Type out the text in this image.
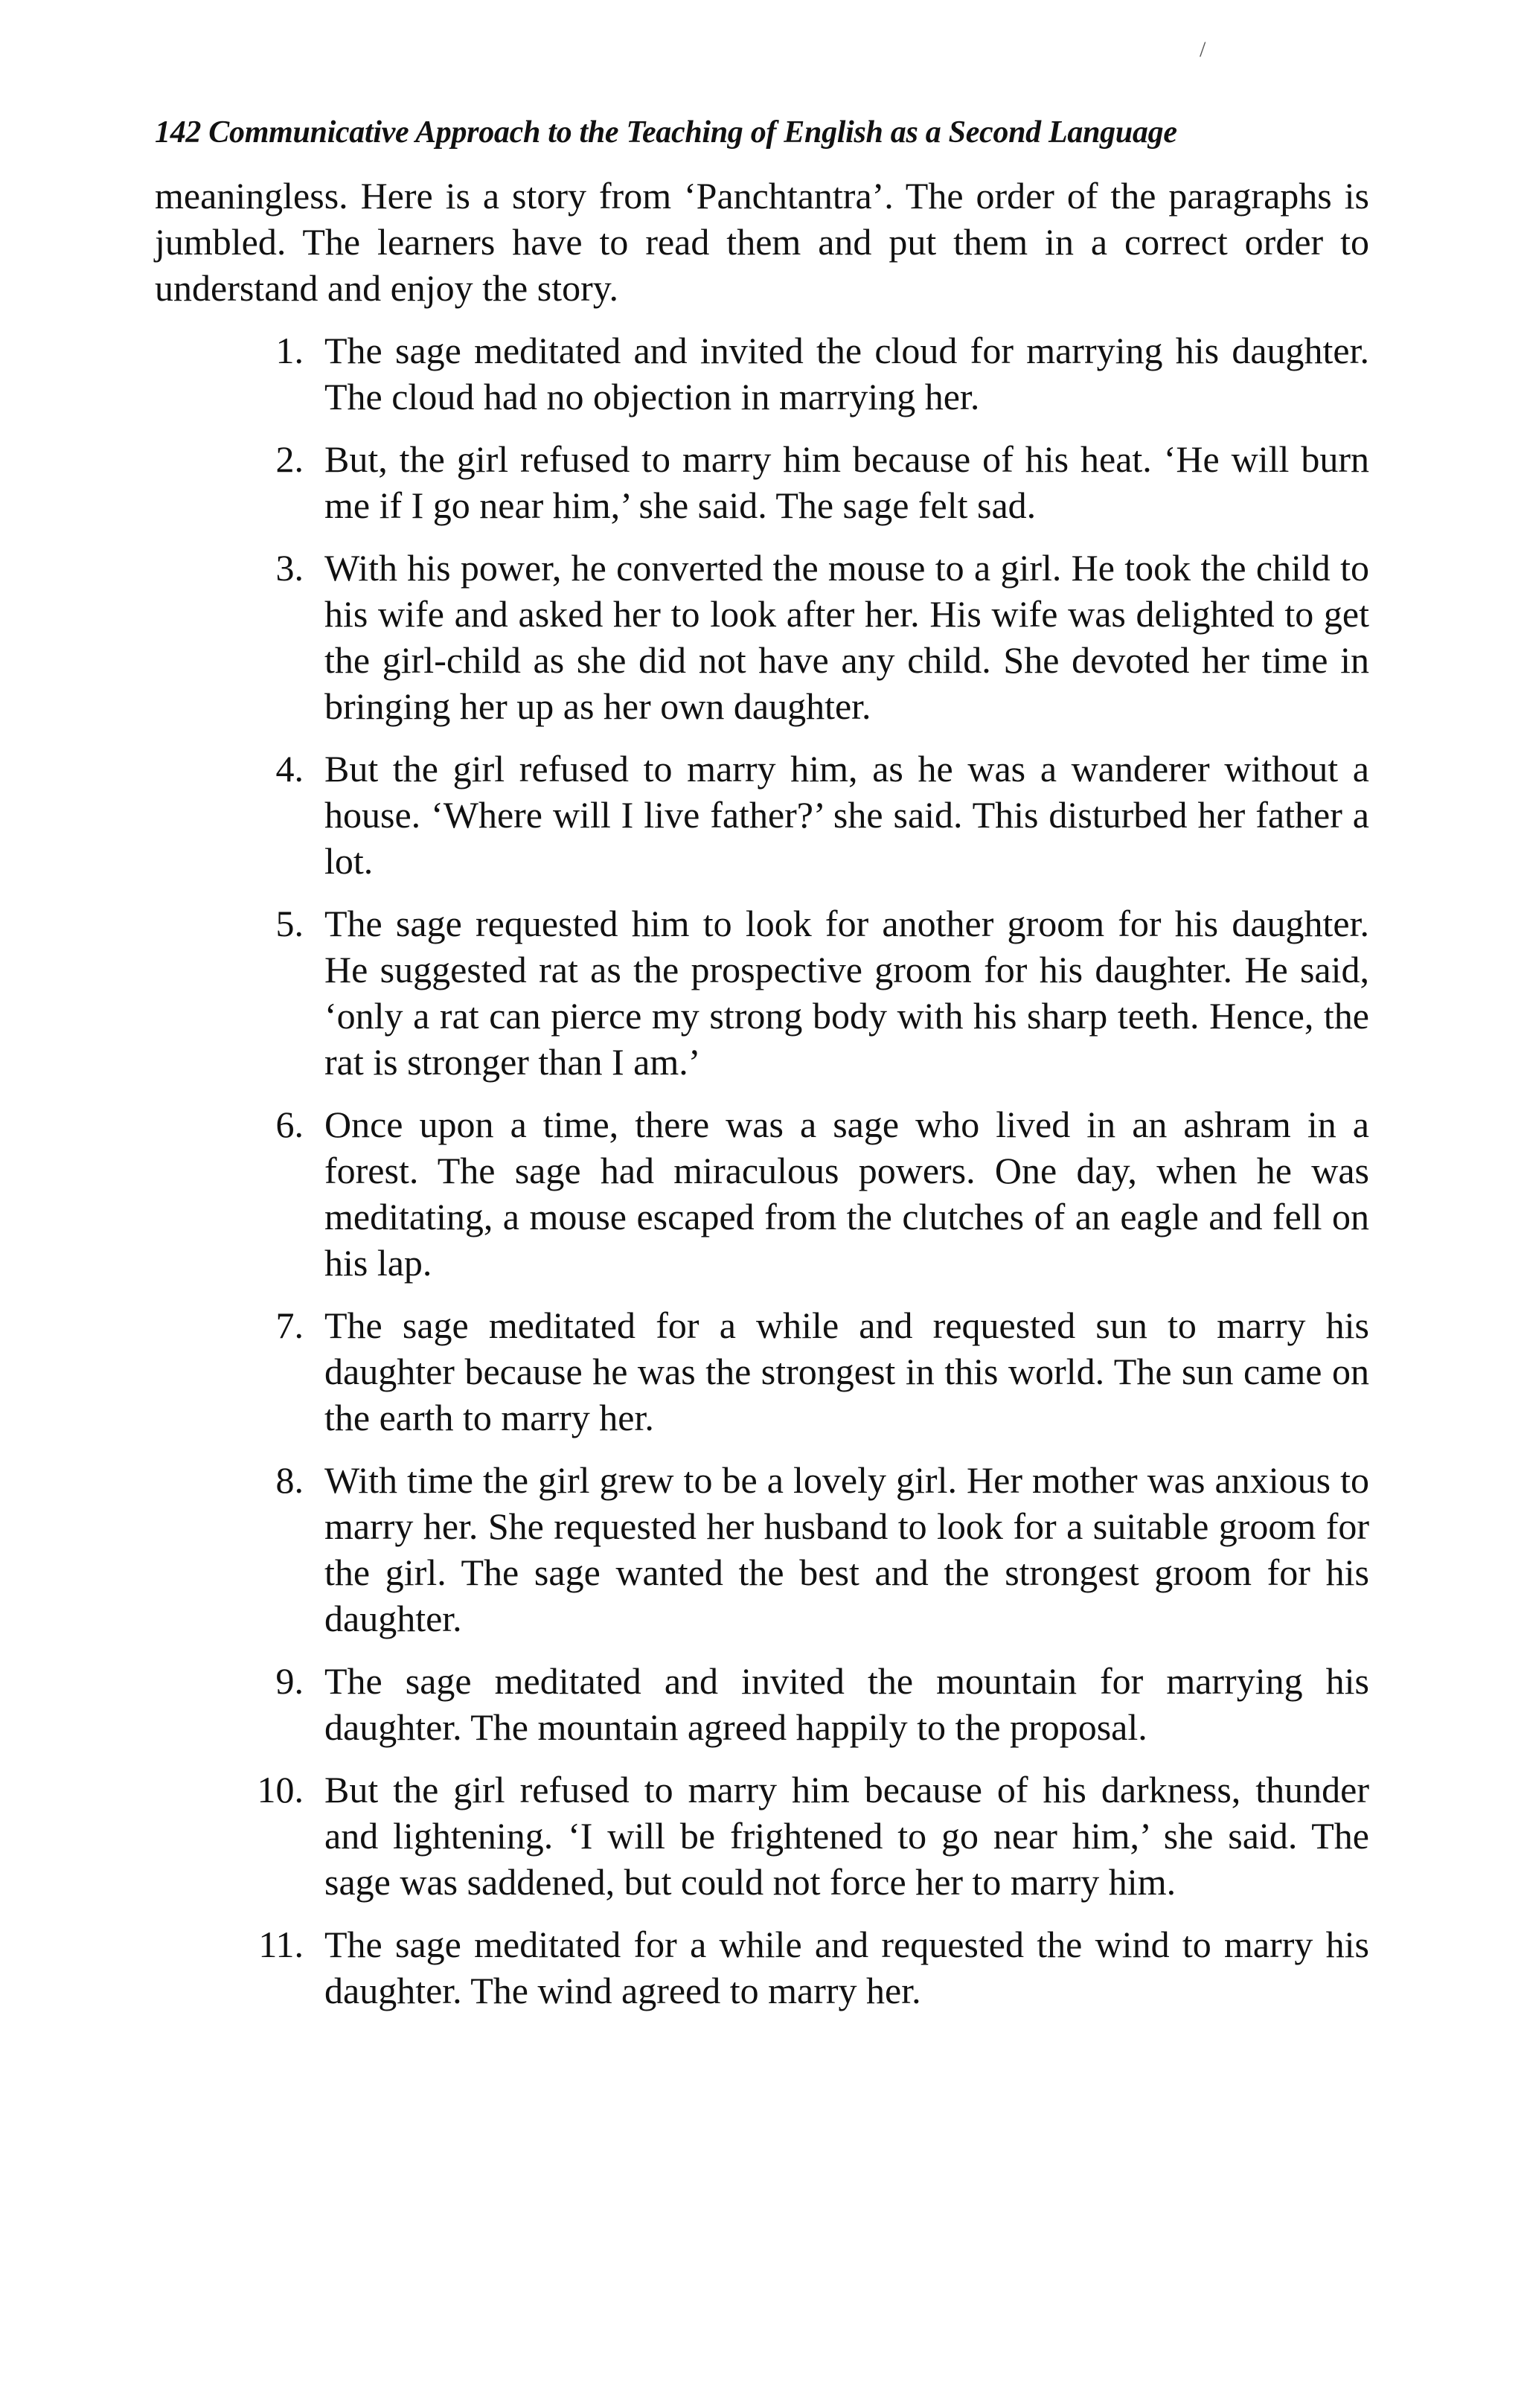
/
142 Communicative Approach to the Teaching of English as a Second Language

meaningless. Here is a story from ‘Panchtantra’. The order of the paragraphs is jumbled. The learners have to read them and put them in a correct order to understand and enjoy the story.

1. The sage meditated and invited the cloud for marrying his daughter. The cloud had no objection in marrying her.
2. But, the girl refused to marry him because of his heat. ‘He will burn me if I go near him,’ she said. The sage felt sad.
3. With his power, he converted the mouse to a girl. He took the child to his wife and asked her to look after her. His wife was delighted to get the girl-child as she did not have any child. She devoted her time in bringing her up as her own daughter.
4. But the girl refused to marry him, as he was a wanderer without a house. ‘Where will I live father?’ she said. This disturbed her father a lot.
5. The sage requested him to look for another groom for his daughter. He suggested rat as the prospective groom for his daughter. He said, ‘only a rat can pierce my strong body with his sharp teeth. Hence, the rat is stronger than I am.’
6. Once upon a time, there was a sage who lived in an ashram in a forest. The sage had miraculous powers. One day, when he was meditating, a mouse escaped from the clutches of an eagle and fell on his lap.
7. The sage meditated for a while and requested sun to marry his daughter because he was the strongest in this world. The sun came on the earth to marry her.
8. With time the girl grew to be a lovely girl. Her mother was anxious to marry her. She requested her husband to look for a suitable groom for the girl. The sage wanted the best and the strongest groom for his daughter.
9. The sage meditated and invited the mountain for marrying his daughter. The mountain agreed happily to the proposal.
10. But the girl refused to marry him because of his darkness, thunder and lightening. ‘I will be frightened to go near him,’ she said. The sage was saddened, but could not force her to marry him.
11. The sage meditated for a while and requested the wind to marry his daughter. The wind agreed to marry her.
